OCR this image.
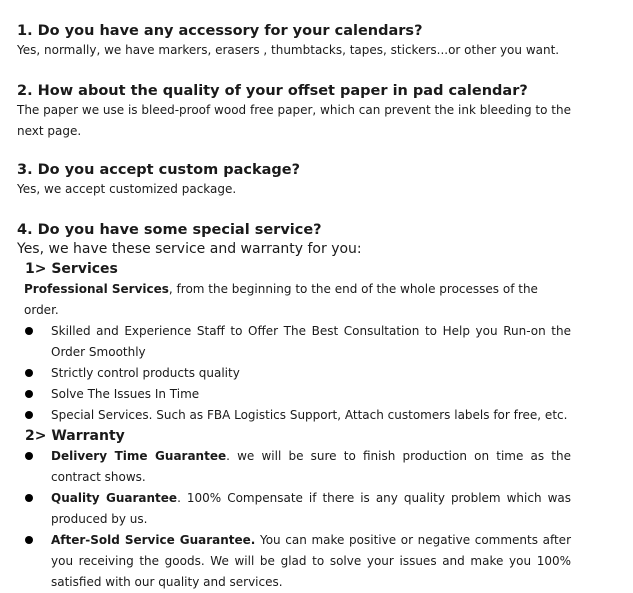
1. Do you have any accessory for your calendars?

Yes, normally, we have markers, erasers , thumbtacks, tapes, stickers...or other you want.

2. How about the quality of your offset paper in pad calendar?

The paper we use is bleed-proof wood free paper, which can prevent the ink bleeding to the next page.

3. Do you accept custom package?

Yes, we accept customized package.

4. Do you have some special service?

Yes, we have these service and warranty for you:

1> Services

Professional Services, from the beginning to the end of the whole processes of the order.

Skilled and Experience Staff to Offer The Best Consultation to Help you Run-on the Order Smoothly
Strictly control products quality
Solve The Issues In Time
Special Services. Such as FBA Logistics Support, Attach customers labels for free, etc.

2> Warranty

Delivery Time Guarantee. we will be sure to finish production on time as the contract shows.
Quality Guarantee. 100% Compensate if there is any quality problem which was produced by us.
After-Sold Service Guarantee. You can make positive or negative comments after you receiving the goods. We will be glad to solve your issues and make you 100% satisfied with our quality and services.
